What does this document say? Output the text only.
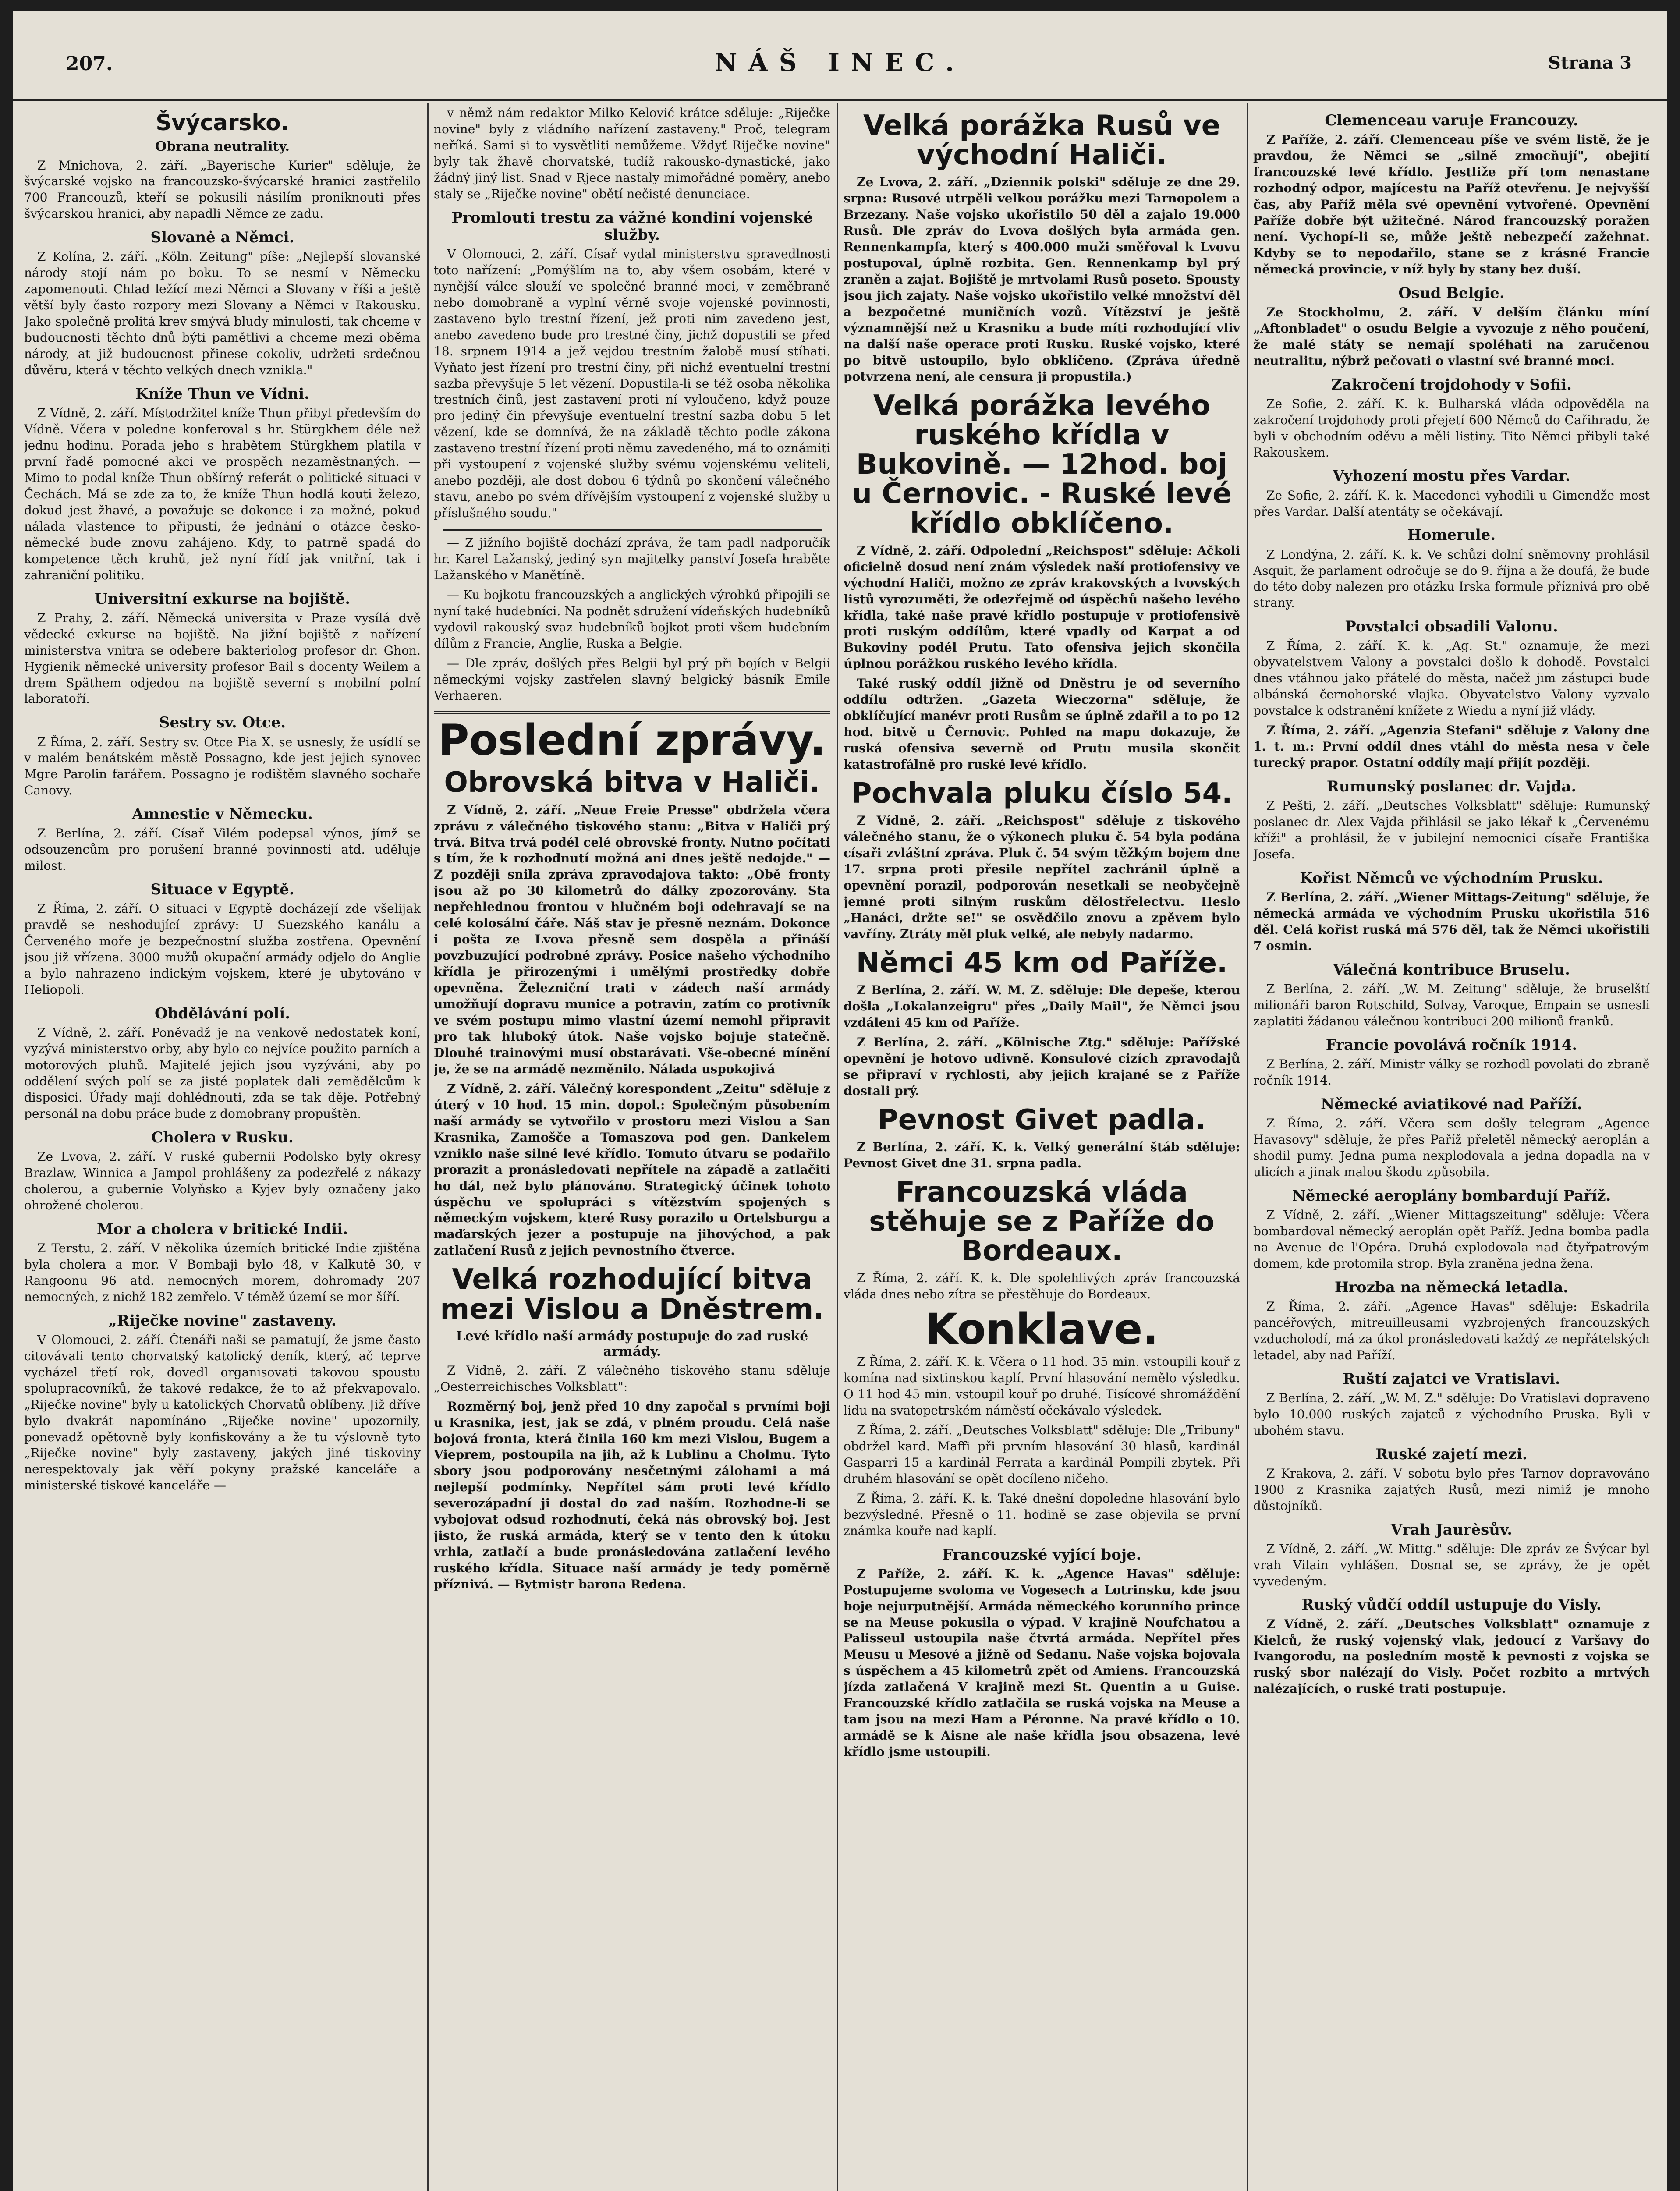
207.	NÁŠ INEC.	Strana 3
Švýcarsko.
Obrana neutrality.

Z Mnichova, 2. září. „Bayerische Kurier" sděluje, že švýcarské vojsko na francouzsko-švýcarské hranici zastřelilo 700 Francouzů, kteří se pokusili násilím proniknouti přes švýcarskou hranici, aby napadli Němce ze zadu.

Slovanė a Němci.

Z Kolína, 2. září. „Köln. Zeitung" píše: „Nejlepší slovanské národy stojí nám po boku. To se nesmí v Německu zapomenouti. Chlad ležící mezi Němci a Slovany v říši a ještě větší byly často rozpory mezi Slovany a Němci v Rakousku. Jako společně prolitá krev smývá bludy minulosti, tak chceme v budoucnosti těchto dnů býti pamětlivi a chceme mezi oběma národy, at již budoucnost přinese cokoliv, udržeti srdečnou důvěru, která v těchto velkých dnech vznikla."

Kníže Thun ve Vídni.

Z Vídně, 2. září. Místodržitel kníže Thun přibyl především do Vídně. Včera v poledne konferoval s hr. Stürgkhem déle než jednu hodinu. Porada jeho s hrabětem Stürgkhem platila v první řadě pomocné akci ve prospěch nezaměstnaných. — Mimo to podal kníže Thun obšírný referát o politické situaci v Čechách. Má se zde za to, že kníže Thun hodlá kouti železo, dokud jest žhavé, a považuje se dokonce i za možné, pokud nálada vlastence to připustí, že jednání o otázce česko-německé bude znovu zahájeno. Kdy, to patrně spadá do kompetence těch kruhů, jež nyní řídí jak vnitřní, tak i zahraniční politiku.

Universitní exkurse na bojiště.

Z Prahy, 2. září. Německá universita v Praze vysílá dvě vědecké exkurse na bojiště. Na jižní bojiště z nařízení ministerstva vnitra se odebere bakteriolog profesor dr. Ghon. Hygienik německé university profesor Bail s docenty Weilem a drem Späthem odjedou na bojiště severní s mobilní polní laboratoří.

Sestry sv. Otce.

Z Říma, 2. září. Sestry sv. Otce Pia X. se usnesly, že usídlí se v malém benátském městě Possagno, kde jest jejich synovec Mgre Parolin farářem. Possagno je rodištěm slavného sochaře Canovy.

Amnestie v Německu.

Z Berlína, 2. září. Císař Vilém podepsal výnos, jímž se odsouzencům pro porušení branné povinnosti atd. uděluje milost.

Situace v Egyptě.

Z Říma, 2. září. O situaci v Egyptě docházejí zde všelijak pravdě se neshodující zprávy: U Suezského kanálu a Červeného moře je bezpečnostní služba zostřena. Opevnění jsou již vřízena. 3000 mužů okupační armády odjelo do Anglie a bylo nahrazeno indickým vojskem, které je ubytováno v Heliopoli.

Obdělávání polí.

Z Vídně, 2. září. Poněvadž je na venkově nedostatek koní, vyzývá ministerstvo orby, aby bylo co nejvíce použito parních a motorových pluhů. Majitelé jejich jsou vyzýváni, aby po oddělení svých polí se za jisté poplatek dali zemědělcům k disposici. Úřady mají dohlédnouti, zda se tak děje. Potřebný personál na dobu práce bude z domobrany propuštěn.

Cholera v Rusku.

Ze Lvova, 2. září. V ruské gubernii Podolsko byly okresy Brazlaw, Winnica a Jampol prohlášeny za podezřelé z nákazy cholerou, a gubernie Volyňsko a Kyjev byly označeny jako ohrožené cholerou.

Mor a cholera v britické Indii.

Z Terstu, 2. září. V několika územích britické Indie zjištěna byla cholera a mor. V Bombaji bylo 48, v Kalkutě 30, v Rangoonu 96 atd. nemocných morem, dohromady 207 nemocných, z nichž 182 zemřelo. V téměž území se mor šíří.

„Riječke novine" zastaveny.

V Olomouci, 2. září. Čtenáři naši se pamatují, že jsme často citovávali tento chorvatský katolický deník, který, ač teprve vycházel třetí rok, dovedl organisovati takovou spoustu spolupracovníků, že takové redakce, že to až překvapovalo. „Riječke novine" byly u katolických Chorvatů oblíbeny. Již dříve bylo dvakrát napomínáno „Riječke novine" upozornily, ponevadž opětovně byly konfiskovány a že tu výslovně tyto „Riječke novine" byly zastaveny, jakých jiné tiskoviny nerespektovaly jak věří pokyny pražské kanceláře a ministerské tiskové kanceláře —

v němž nám redaktor Milko Kelović krátce sděluje: „Riječke novine" byly z vládního nařízení zastaveny." Proč, telegram neříká. Sami si to vysvětliti nemůžeme. Vždyť Riječke novine" byly tak žhavě chorvatské, tudíž rakousko-dynastické, jako žádný jiný list. Snad v Rjece nastaly mimořádné poměry, anebo staly se „Riječke novine" obětí nečisté denunciace.

Promlouti trestu za vážné kondiní vojenské služby.

V Olomouci, 2. září. Císař vydal ministerstvu spravedlnosti toto nařízení: „Pomýšlím na to, aby všem osobám, které v nynější válce slouží ve společné branné moci, v zeměbraně nebo domobraně a vyplní věrně svoje vojenské povinnosti, zastaveno bylo trestní řízení, jež proti nim zavedeno jest, anebo zavedeno bude pro trestné činy, jichž dopustili se před 18. srpnem 1914 a jež vejdou trestním žalobě musí stíhati. Vyňato jest řízení pro trestní činy, při nichž eventuelní trestní sazba převyšuje 5 let vězení. Dopustila-li se též osoba několika trestních činů, jest zastavení proti ní vyloučeno, když pouze pro jediný čin převyšuje eventuelní trestní sazba dobu 5 let vězení, kde se domnívá, že na základě těchto podle zákona zastaveno trestní řízení proti němu zavedeného, má to oznámiti při vystoupení z vojenské služby svému vojenskému veliteli, anebo později, ale dost dobou 6 týdnů po skončení válečného stavu, anebo po svém dřívějším vystoupení z vojenské služby u příslušného soudu."

— Z jižního bojiště dochází zpráva, že tam padl nadporučík hr. Karel Lažanský, jediný syn majitelky panství Josefa hraběte Lažanského v Manětíně.

— Ku bojkotu francouzských a anglických výrobků připojili se nyní také hudebníci. Na podnět sdružení vídeňských hudebníků vydovil rakouský svaz hudebníků bojkot proti všem hudebním dílům z Francie, Anglie, Ruska a Belgie.

— Dle zpráv, došlých přes Belgii byl prý při bojích v Belgii německými vojsky zastřelen slavný belgický básník Emile Verhaeren.

Poslední zprávy.
Obrovská bitva v Haliči.

Z Vídně, 2. září. „Neue Freie Presse" obdržela včera zprávu z válečného tiskového stanu: „Bitva v Haliči prý trvá. Bitva trvá podél celé obrovské fronty. Nutno počítati s tím, že k rozhodnutí možná ani dnes ještě nedojde." — Z později snila zpráva zpravodajova takto: „Obě fronty jsou až po 30 kilometrů do dálky zpozorovány. Sta nepřehlednou frontou v hlučném boji odehravají se na celé kolosální čáře. Náš stav je přesně neznám. Dokonce i pošta ze Lvova přesně sem dospěla a přináší povzbuzující podrobné zprávy. Posice našeho východního křídla je přirozenými i umělými prostředky dobře opevněna. Železniční trati v zádech naší armády umožňují dopravu munice a potravin, zatím co protivník ve svém postupu mimo vlastní území nemohl připravit pro tak hluboký útok. Naše vojsko bojuje statečně. Dlouhé trainovými musí obstarávati. Vše-obecné mínění je, že se na armádě nezměnilo. Nálada uspokojivá

Z Vídně, 2. září. Válečný korespondent „Zeitu" sděluje z úterý v 10 hod. 15 min. dopol.: Společným působením naší armády se vytvořilo v prostoru mezi Vislou a San Krasnika, Zamošče a Tomaszova pod gen. Dankelem vzniklo naše silné levé křídlo. Tomuto útvaru se podařilo prorazit a pronásledovati nepřítele na západě a zatlačiti ho dál, než bylo plánováno. Strategický účinek tohoto úspěchu ve spolupráci s vítězstvím spojených s německým vojskem, které Rusy porazilo u Ortelsburgu a maďarských jezer a postupuje na jihovýchod, a pak zatlačení Rusů z jejich pevnostního čtverce.

Velká rozhodující bitva mezi Vislou a Dněstrem.
Levé křídlo naší armády postupuje do zad ruské armády.

Z Vídně, 2. září. Z válečného tiskového stanu sděluje „Oesterreichisches Volksblatt":

Rozměrný boj, jenž před 10 dny započal s prvními boji u Krasnika, jest, jak se zdá, v plném proudu. Celá naše bojová fronta, která činila 160 km mezi Vislou, Bugem a Vieprem, postoupila na jih, až k Lublinu a Cholmu. Tyto sbory jsou podporovány nesčetnými zálohami a má nejlepší podmínky. Nepřítel sám proti levé křídlo severozápadní ji dostal do zad naším. Rozhodne-li se vybojovat odsud rozhodnutí, čeká nás obrovský boj. Jest jisto, že ruská armáda, který se v tento den k útoku vrhla, zatlačí a bude pronásledována zatlačení levého ruského křídla. Situace naší armády je tedy poměrně příznivá. — Bytmistr barona Redena.

Velká porážka Rusů ve východní Haliči.

Ze Lvova, 2. září. „Dziennik polski" sděluje ze dne 29. srpna: Rusové utrpěli velkou porážku mezi Tarnopolem a Brzezany. Naše vojsko ukořistilo 50 děl a zajalo 19.000 Rusů. Dle zpráv do Lvova došlých byla armáda gen. Rennenkampfa, který s 400.000 muži směřoval k Lvovu postupoval, úplně rozbita. Gen. Rennenkamp byl prý zraněn a zajat. Bojiště je mrtvolami Rusů poseto. Spousty jsou jich zajaty. Naše vojsko ukořistilo velké množství děl a bezpočetné muničních vozů. Vítězství je ještě významnější než u Krasniku a bude míti rozhodující vliv na další naše operace proti Rusku. Ruské vojsko, které po bitvě ustoupilo, bylo obklíčeno. (Zpráva úředně potvrzena není, ale censura ji propustila.)

Velká porážka levého ruského křídla v Bukovině. — 12hod. boj u Černovic. - Ruské levé křídlo obklíčeno.

Z Vídně, 2. září. Odpolední „Reichspost" sděluje: Ačkoli oficielně dosud není znám výsledek naší protiofensivy ve východní Haliči, možno ze zpráv krakovských a lvovských listů vyrozuměti, že odezřejmě od úspěchů našeho levého křídla, také naše pravé křídlo postupuje v protiofensivě proti ruským oddílům, které vpadly od Karpat a od Bukoviny podél Prutu. Tato ofensiva jejich skončila úplnou porážkou ruského levého křídla.

Také ruský oddíl jižně od Dněstru je od severního oddílu odtržen. „Gazeta Wieczorna" sděluje, že obklíčující manévr proti Rusům se úplně zdařil a to po 12 hod. bitvě u Černovic. Pohled na mapu dokazuje, že ruská ofensiva severně od Prutu musila skončit katastrofálně pro ruské levé křídlo.

Pochvala pluku číslo 54.

Z Vídně, 2. září. „Reichspost" sděluje z tiskového válečného stanu, že o výkonech pluku č. 54 byla podána císaři zvláštní zpráva. Pluk č. 54 svým těžkým bojem dne 17. srpna proti přesile nepřítel zachránil úplně a opevnění porazil, podporován nesetkali se neobyčejně jemné proti silným ruskům dělostřelectvu. Heslo „Hanáci, držte se!" se osvědčilo znovu a zpěvem bylo vavříny. Ztráty měl pluk velké, ale nebyly nadarmo.

Němci 45 km od Paříže.

Z Berlína, 2. září. W. M. Z. sděluje: Dle depeše, kterou došla „Lokalanzeigru" přes „Daily Mail", že Němci jsou vzdáleni 45 km od Paříže.

Z Berlína, 2. září. „Kölnische Ztg." sděluje: Pařížské opevnění je hotovo udivně. Konsulové cizích zpravodajů se připraví v rychlosti, aby jejich krajané se z Paříže dostali prý.

Pevnost Givet padla.

Z Berlína, 2. září. K. k. Velký generální štáb sděluje: Pevnost Givet dne 31. srpna padla.

Francouzská vláda stěhuje se z Paříže do Bordeaux.

Z Říma, 2. září. K. k. Dle spolehlivých zpráv francouzská vláda dnes nebo zítra se přestěhuje do Bordeaux.

Konklave.

Z Říma, 2. září. K. k. Včera o 11 hod. 35 min. vstoupili kouř z komína nad sixtinskou kaplí. První hlasování nemělo výsledku. O 11 hod 45 min. vstoupil kouř po druhé. Tisícové shromáždění lidu na svatopetrském náměstí očekávalo výsledek.

Z Říma, 2. září. „Deutsches Volksblatt" sděluje: Dle „Tribuny" obdržel kard. Maffi při prvním hlasování 30 hlasů, kardinál Gasparri 15 a kardinál Ferrata a kardinál Pompili zbytek. Při druhém hlasování se opět docíleno ničeho.

Z Říma, 2. září. K. k. Také dnešní dopoledne hlasování bylo bezvýsledné. Přesně o 11. hodině se zase objevila se první známka kouře nad kaplí.

Francouzské vyjící boje.

Z Paříže, 2. září. K. k. „Agence Havas" sděluje: Postupujeme svoloma ve Vogesech a Lotrinsku, kde jsou boje nejurputnější. Armáda německého korunního prince se na Meuse pokusila o výpad. V krajině Noufchatou a Palisseul ustoupila naše čtvrtá armáda. Nepřítel přes Meusu u Mesové a jižně od Sedanu. Naše vojska bojovala s úspěchem a 45 kilometrů zpět od Amiens. Francouzská jízda zatlačená V krajině mezi St. Quentin a u Guise. Francouzské křídlo zatlačila se ruská vojska na Meuse a tam jsou na mezi Ham a Péronne. Na pravé křídlo o 10. armádě se k Aisne ale naše křídla jsou obsazena, levé křídlo jsme ustoupili.

Clemenceau varuje Francouzy.

Z Paříže, 2. září. Clemenceau píše ve svém listě, že je pravdou, že Němci se „silně zmocňují", obejití francouzské levé křídlo. Jestliže pří tom nenastane rozhodný odpor, majícestu na Paříž otevřenu. Je nejvyšší čas, aby Paříž měla své opevnění vytvořené. Opevnění Paříže dobře být užitečné. Národ francouzský poražen není. Vychopí-li se, může ještě nebezpečí zažehnat. Kdyby se to nepodařilo, stane se z krásné Francie německá provincie, v níž byly by stany bez duší.

Osud Belgie.

Ze Stockholmu, 2. září. V delším článku míní „Aftonbladet" o osudu Belgie a vyvozuje z něho poučení, že malé státy se nemají spoléhati na zaručenou neutralitu, nýbrž pečovati o vlastní své branné moci.

Zakročení trojdohody v Sofii.

Ze Sofie, 2. září. K. k. Bulharská vláda odpověděla na zakročení trojdohody proti přejetí 600 Němců do Cařihradu, že byli v obchodním oděvu a měli listiny. Tito Němci přibyli také Rakouskem.

Vyhození mostu přes Vardar.

Ze Sofie, 2. září. K. k. Macedonci vyhodili u Gimendže most přes Vardar. Další atentáty se očekávají.

Homerule.

Z Londýna, 2. září. K. k. Ve schůzi dolní sněmovny prohlásil Asquit, že parlament odročuje se do 9. října a že doufá, že bude do této doby nalezen pro otázku Irska formule příznivá pro obě strany.

Povstalci obsadili Valonu.

Z Říma, 2. září. K. k. „Ag. St." oznamuje, že mezi obyvatelstvem Valony a povstalci došlo k dohodě. Povstalci dnes vtáhnou jako přátelé do města, načež jim zástupci bude albánská černohorské vlajka. Obyvatelstvo Valony vyzvalo povstalce k odstranění knížete z Wiedu a nyní již vlády.

Z Říma, 2. září. „Agenzia Stefani" sděluje z Valony dne 1. t. m.: První oddíl dnes vtáhl do města nesa v čele turecký prapor. Ostatní oddíly mají přijít později.

Rumunský poslanec dr. Vajda.

Z Pešti, 2. září. „Deutsches Volksblatt" sděluje: Rumunský poslanec dr. Alex Vajda přihlásil se jako lékař k „Červenému kříži" a prohlásil, že v jubilejní nemocnici císaře Františka Josefa.

Kořist Němců ve východním Prusku.

Z Berlína, 2. září. „Wiener Mittags-Zeitung" sděluje, že německá armáda ve východním Prusku ukořistila 516 děl. Celá kořist ruská má 576 děl, tak že Němci ukořistili 7 osmin.

Válečná kontribuce Bruselu.

Z Berlína, 2. září. „W. M. Zeitung" sděluje, že bruselští milionáři baron Rotschild, Solvay, Varoque, Empain se usnesli zaplatiti žádanou válečnou kontribuci 200 milionů franků.

Francie povolává ročník 1914.

Z Berlína, 2. září. Ministr války se rozhodl povolati do zbraně ročník 1914.

Německé aviatikové nad Paříží.

Z Říma, 2. září. Včera sem došly telegram „Agence Havasovy" sděluje, že přes Paříž přeletěl německý aeroplán a shodil pumy. Jedna puma nexplodovala a jedna dopadla na v ulicích a jinak malou škodu způsobila.

Německé aeroplány bombardují Paříž.

Z Vídně, 2. září. „Wiener Mittagszeitung" sděluje: Včera bombardoval německý aeroplán opět Paříž. Jedna bomba padla na Avenue de l'Opéra. Druhá explodovala nad čtyřpatrovým domem, kde protomila strop. Byla zraněna jedna žena.

Hrozba na německá letadla.

Z Říma, 2. září. „Agence Havas" sděluje: Eskadrila pancéřových, mitreuilleusami vyzbrojených francouzských vzducholodí, má za úkol pronásledovati každý ze nepřátelských letadel, aby nad Paříží.

Ruští zajatci ve Vratislavi.

Z Berlína, 2. září. „W. M. Z." sděluje: Do Vratislavi dopraveno bylo 10.000 ruských zajatců z východního Pruska. Byli v ubohém stavu.

Ruské zajetí mezi.

Z Krakova, 2. září. V sobotu bylo přes Tarnov dopravováno 1900 z Krasnika zajatých Rusů, mezi nimiž je mnoho důstojníků.

Vrah Jaurèsův.

Z Vídně, 2. září. „W. Mittg." sděluje: Dle zpráv ze Švýcar byl vrah Vilain vyhlášen. Dosnal se, se zprávy, že je opět vyvedeným.

Ruský vůdčí oddíl ustupuje do Visly.

Z Vídně, 2. září. „Deutsches Volksblatt" oznamuje z Kielců, že ruský vojenský vlak, jedoucí z Varšavy do Ivangorodu, na posledním mostě k pevnosti z vojska se ruský sbor nalézají do Visly. Počet rozbito a mrtvých nalézajících, o ruské trati postupuje.
